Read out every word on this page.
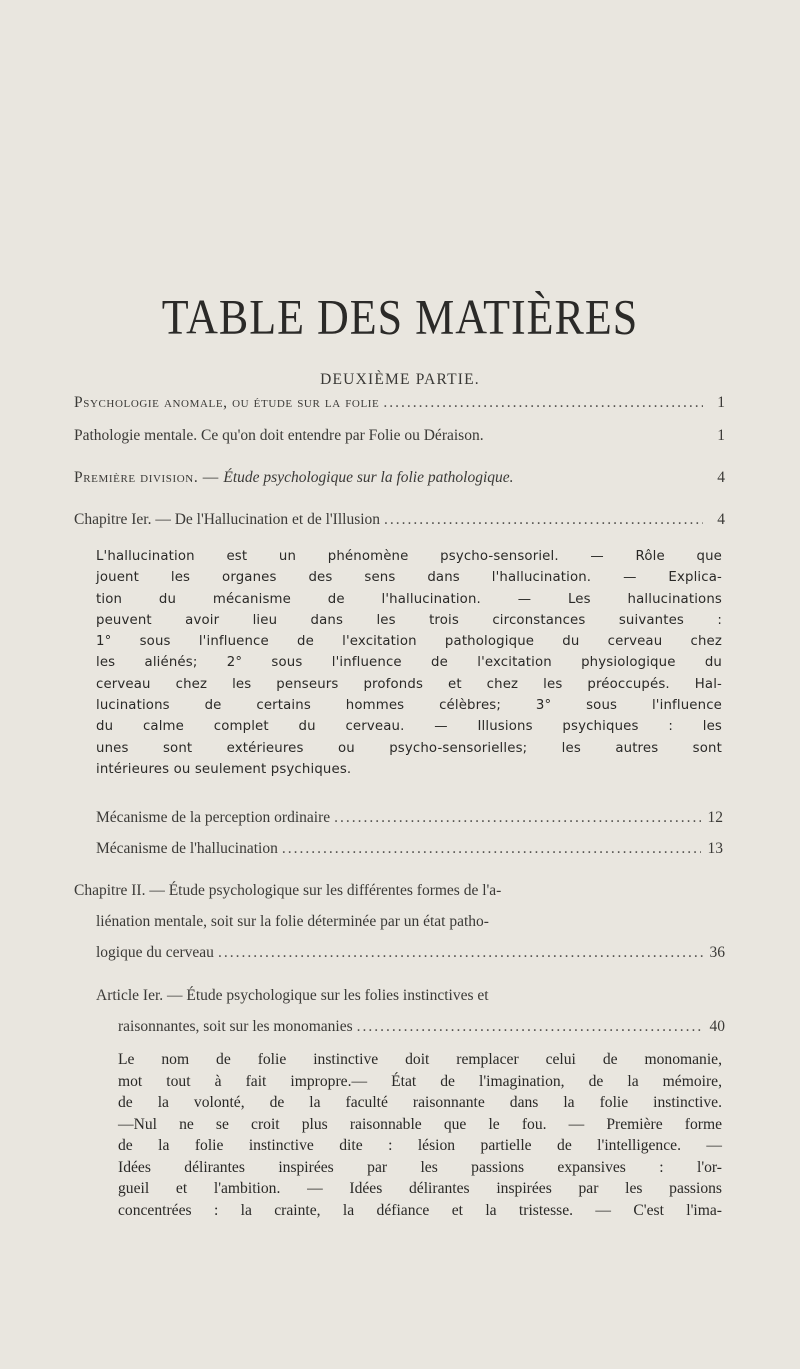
TABLE DES MATIÈRES
DEUXIÈME PARTIE.
Psychologie anomale, ou étude sur la folie .....	1
Pathologie mentale. Ce qu'on doit entendre par Folie ou Déraison.	1
Première division. — Étude psychologique sur la folie pathologique.	4
Chapitre Ier. — De l'Hallucination et de l'Illusion .....	4
L'hallucination est un phénomène psycho-sensoriel. — Rôle que
jouent les organes des sens dans l'hallucination. — Explica-
tion du mécanisme de l'hallucination. — Les hallucinations
peuvent avoir lieu dans les trois circonstances suivantes :
1° sous l'influence de l'excitation pathologique du cerveau chez
les aliénés; 2° sous l'influence de l'excitation physiologique du
cerveau chez les penseurs profonds et chez les préoccupés. Hal-
lucinations de certains hommes célèbres; 3° sous l'influence
du calme complet du cerveau. — Illusions psychiques : les
unes sont extérieures ou psycho-sensorielles; les autres sont
intérieures ou seulement psychiques.
Mécanisme de la perception ordinaire .....	12
Mécanisme de l'hallucination .....	13
Chapitre II. — Étude psychologique sur les différentes formes de l'a-
liénation mentale, soit sur la folie déterminée par un état patho-
logique du cerveau .....	36
Article Ier. — Étude psychologique sur les folies instinctives et
raisonnantes, soit sur les monomanies .....	40
Le nom de folie instinctive doit remplacer celui de monomanie,
mot tout à fait impropre.— État de l'imagination, de la mémoire,
de la volonté, de la faculté raisonnante dans la folie instinctive.
—Nul ne se croit plus raisonnable que le fou. — Première forme
de la folie instinctive dite : lésion partielle de l'intelligence. —
Idées délirantes inspirées par les passions expansives : l'or-
gueil et l'ambition. — Idées délirantes inspirées par les passions
concentrées : la crainte, la défiance et la tristesse. — C'est l'ima-
